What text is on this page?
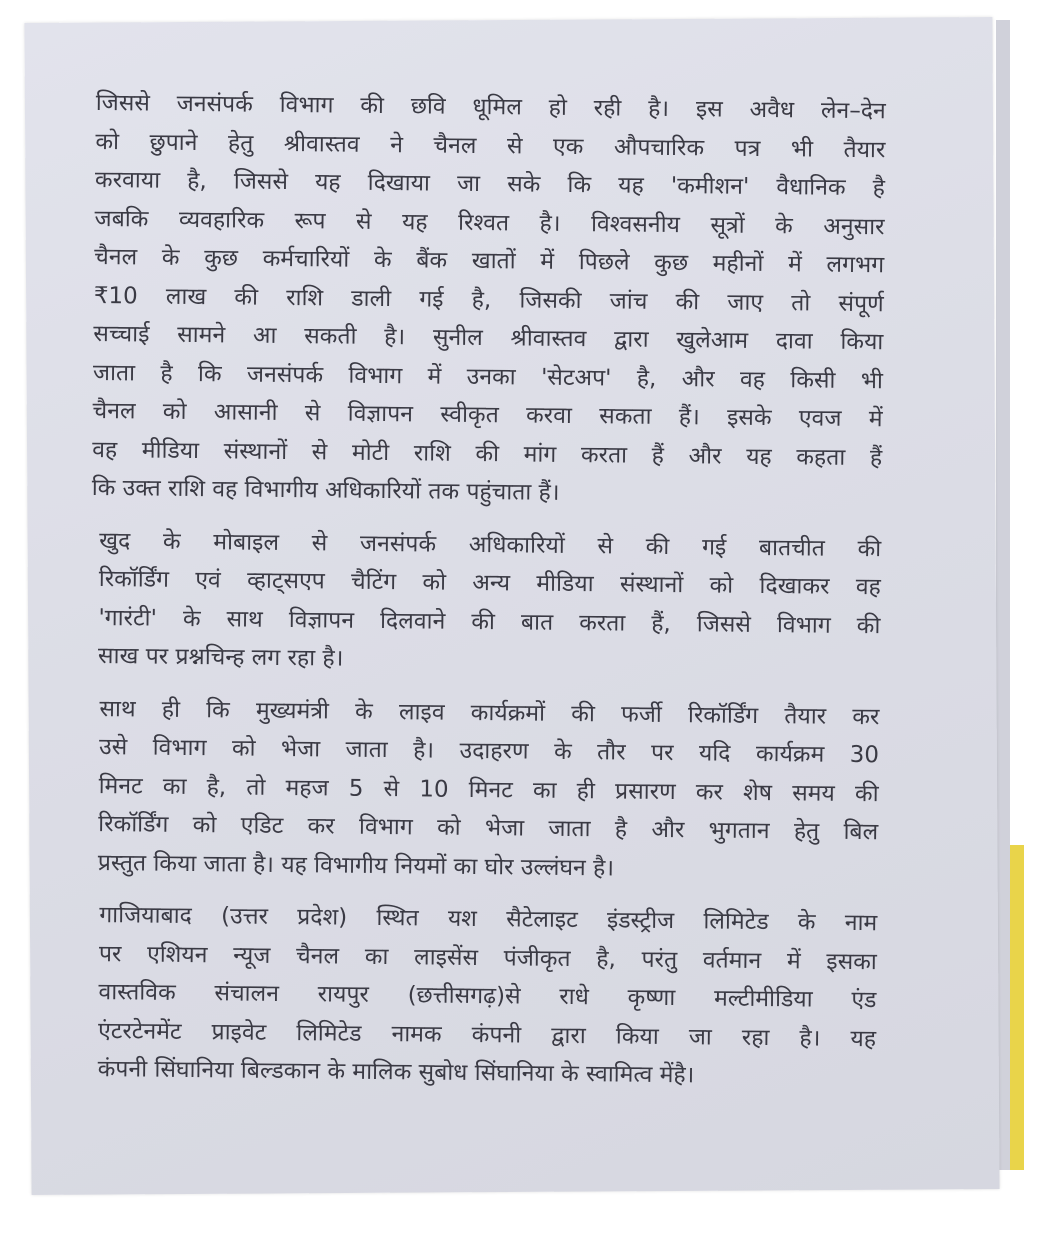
जिससे जनसंपर्क विभाग की छवि धूमिल हो रही है। इस अवैध लेन–देन
को छुपाने हेतु श्रीवास्तव ने चैनल से एक औपचारिक पत्र भी तैयार
करवाया है, जिससे यह दिखाया जा सके कि यह 'कमीशन' वैधानिक है
जबकि व्यवहारिक रूप से यह रिश्वत है। विश्वसनीय सूत्रों के अनुसार
चैनल के कुछ कर्मचारियों के बैंक खातों में पिछले कुछ महीनों में लगभग
₹10 लाख की राशि डाली गई है, जिसकी जांच की जाए तो संपूर्ण
सच्चाई सामने आ सकती है। सुनील श्रीवास्तव द्वारा खुलेआम दावा किया
जाता है कि जनसंपर्क विभाग में उनका 'सेटअप' है, और वह किसी भी
चैनल को आसानी से विज्ञापन स्वीकृत करवा सकता हैं। इसके एवज में
वह मीडिया संस्थानों से मोटी राशि की मांग करता हैं और यह कहता हैं
कि उक्त राशि वह विभागीय अधिकारियों तक पहुंचाता हैं।
खुद के मोबाइल से जनसंपर्क अधिकारियों से की गई बातचीत की
रिकॉर्डिंग एवं व्हाट्सएप चैटिंग को अन्य मीडिया संस्थानों को दिखाकर वह
'गारंटी' के साथ विज्ञापन दिलवाने की बात करता हैं, जिससे विभाग की
साख पर प्रश्नचिन्ह लग रहा है।
साथ ही कि मुख्यमंत्री के लाइव कार्यक्रमों की फर्जी रिकॉर्डिंग तैयार कर
उसे विभाग को भेजा जाता है। उदाहरण के तौर पर यदि कार्यक्रम 30
मिनट का है, तो महज 5 से 10 मिनट का ही प्रसारण कर शेष समय की
रिकॉर्डिंग को एडिट कर विभाग को भेजा जाता है और भुगतान हेतु बिल
प्रस्तुत किया जाता है। यह विभागीय नियमों का घोर उल्लंघन है।
गाजियाबाद (उत्तर प्रदेश) स्थित यश सैटेलाइट इंडस्ट्रीज लिमिटेड के नाम
पर एशियन न्यूज चैनल का लाइसेंस पंजीकृत है, परंतु वर्तमान में इसका
वास्तविक संचालन रायपुर (छत्तीसगढ़)से राधे कृष्णा मल्टीमीडिया एंड
एंटरटेनमेंट प्राइवेट लिमिटेड नामक कंपनी द्वारा किया जा रहा है। यह
कंपनी सिंघानिया बिल्डकान के मालिक सुबोध सिंघानिया के स्वामित्व मेंहै।
